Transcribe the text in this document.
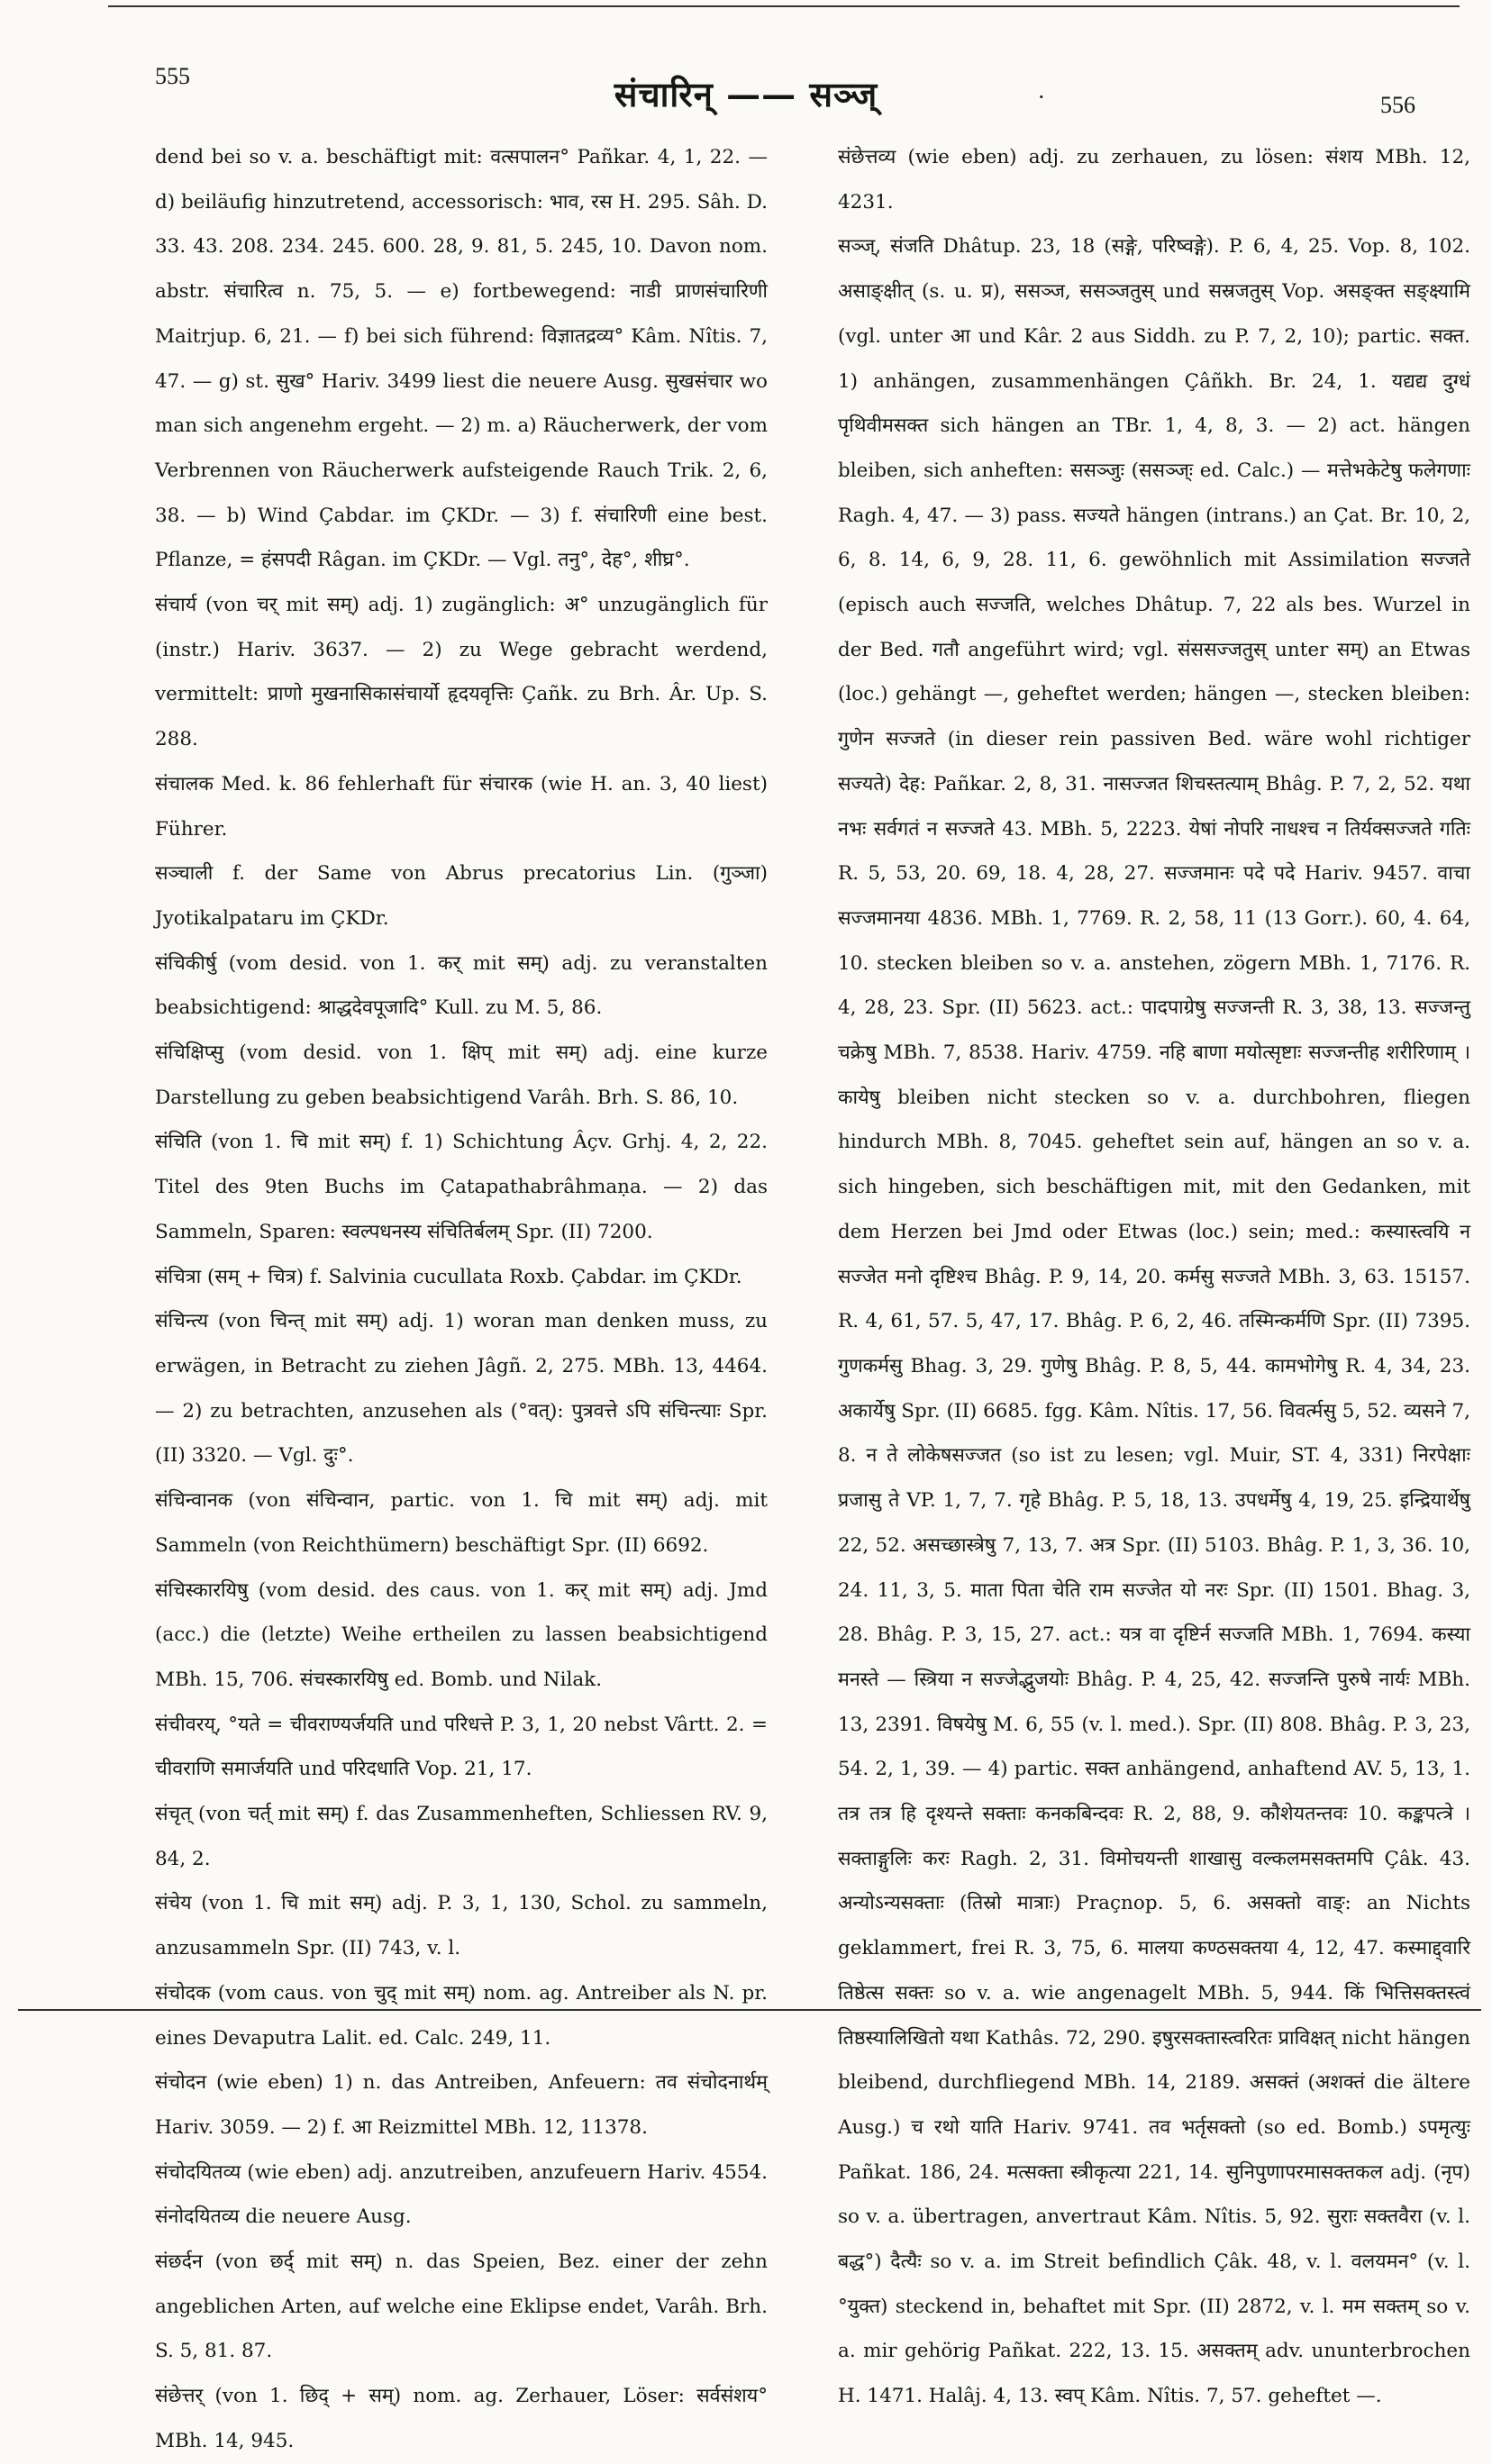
555	संचारिन् —— सञ्ज्	·	556

dend bei so v. a. beschäftigt mit: वत्सपालन° Pañkar. 4, 1, 22. — d) beiläufig hinzutretend, accessorisch: भाव, रस H. 295. Sâh. D. 33. 43. 208. 234. 245. 600. 28, 9. 81, 5. 245, 10. Davon nom. abstr. संचारित्व n. 75, 5. — e) fortbewegend: नाडी प्राणसंचारिणी Maitrjup. 6, 21. — f) bei sich führend: विज्ञातद्रव्य° Kâm. Nîtis. 7, 47. — g) st. सुख° Hariv. 3499 liest die neuere Ausg. सुखसंचार wo man sich angenehm ergeht. — 2) m. a) Räucherwerk, der vom Verbrennen von Räucherwerk aufsteigende Rauch Trik. 2, 6, 38. — b) Wind Çabdar. im ÇKDr. — 3) f. संचारिणी eine best. Pflanze, = हंसपदी Râgan. im ÇKDr. — Vgl. तनु°, देह°, शीघ्र°.

संचार्य (von चर् mit सम्) adj. 1) zugänglich: अ° unzugänglich für (instr.) Hariv. 3637. — 2) zu Wege gebracht werdend, vermittelt: प्राणो मुखनासिकासंचार्यो हृदयवृत्तिः Çañk. zu Brh. Âr. Up. S. 288.

संचालक Med. k. 86 fehlerhaft für संचारक (wie H. an. 3, 40 liest) Führer.

सञ्चाली f. der Same von Abrus precatorius Lin. (गुञ्जा) Jyotikalpataru im ÇKDr.

संचिकीर्षु (vom desid. von 1. कर् mit सम्) adj. zu veranstalten beabsichtigend: श्राद्धदेवपूजादि° Kull. zu M. 5, 86.

संचिक्षिप्सु (vom desid. von 1. क्षिप् mit सम्) adj. eine kurze Darstellung zu geben beabsichtigend Varâh. Brh. S. 86, 10.

संचिति (von 1. चि mit सम्) f. 1) Schichtung Âçv. Grhj. 4, 2, 22. Titel des 9ten Buchs im Çatapathabrâhmaṇa. — 2) das Sammeln, Sparen: स्वल्पधनस्य संचितिर्बलम् Spr. (II) 7200.

संचित्रा (सम् + चित्र) f. Salvinia cucullata Roxb. Çabdar. im ÇKDr.

संचिन्त्य (von चिन्त् mit सम्) adj. 1) woran man denken muss, zu erwägen, in Betracht zu ziehen Jâgñ. 2, 275. MBh. 13, 4464. — 2) zu betrachten, anzusehen als (°वत्): पुत्रवत्ते ऽपि संचिन्त्याः Spr. (II) 3320. — Vgl. दुः°.

संचिन्वानक (von संचिन्वान, partic. von 1. चि mit सम्) adj. mit Sammeln (von Reichthümern) beschäftigt Spr. (II) 6692.

संचिस्कारयिषु (vom desid. des caus. von 1. कर् mit सम्) adj. Jmd (acc.) die (letzte) Weihe ertheilen zu lassen beabsichtigend MBh. 15, 706. संचस्कारयिषु ed. Bomb. und Nilak.

संचीवरय्, °यते = चीवराण्यर्जयति und परिधत्ते P. 3, 1, 20 nebst Vârtt. 2. = चीवराणि समार्जयति und परिदधाति Vop. 21, 17.

संचृत् (von चर्त् mit सम्) f. das Zusammenheften, Schliessen RV. 9, 84, 2.

संचेय (von 1. चि mit सम्) adj. P. 3, 1, 130, Schol. zu sammeln, anzusammeln Spr. (II) 743, v. l.

संचोदक (vom caus. von चुद् mit सम्) nom. ag. Antreiber als N. pr. eines Devaputra Lalit. ed. Calc. 249, 11.

संचोदन (wie eben) 1) n. das Antreiben, Anfeuern: तव संचोदनार्थम् Hariv. 3059. — 2) f. आ Reizmittel MBh. 12, 11378.

संचोदयितव्य (wie eben) adj. anzutreiben, anzufeuern Hariv. 4554. संनोदयितव्य die neuere Ausg.

संछर्दन (von छर्द् mit सम्) n. das Speien, Bez. einer der zehn angeblichen Arten, auf welche eine Eklipse endet, Varâh. Brh. S. 5, 81. 87.

संछेत्तर् (von 1. छिद् + सम्) nom. ag. Zerhauer, Löser: सर्वसंशय° MBh. 14, 945.

संछेत्तव्य (wie eben) adj. zu zerhauen, zu lösen: संशय MBh. 12, 4231.

सञ्ज्, संजति Dhâtup. 23, 18 (सङ्गे, परिष्वङ्गे). P. 6, 4, 25. Vop. 8, 102. असाङ्क्षीत् (s. u. प्र), ससञ्ज, ससञ्जतुस् und सस्रजतुस् Vop. असङ्क्त सङ्क्ष्यामि (vgl. unter आ und Kâr. 2 aus Siddh. zu P. 7, 2, 10); partic. सक्त. 1) anhängen, zusammenhängen Çâñkh. Br. 24, 1. यद्यद्य दुग्धं पृथिवीमसक्त sich hängen an TBr. 1, 4, 8, 3. — 2) act. hängen bleiben, sich anheften: ससञ्जुः (ससञ्ज्ः ed. Calc.) — मत्तेभकेटेषु फलेगणाः Ragh. 4, 47. — 3) pass. सज्यते hängen (intrans.) an Çat. Br. 10, 2, 6, 8. 14, 6, 9, 28. 11, 6. gewöhnlich mit Assimilation सज्जते (episch auch सज्जति, welches Dhâtup. 7, 22 als bes. Wurzel in der Bed. गतौ angeführt wird; vgl. संससज्जतुस् unter सम्) an Etwas (loc.) gehängt —, geheftet werden; hängen —, stecken bleiben: गुणेन सज्जते (in dieser rein passiven Bed. wäre wohl richtiger सज्यते) देह: Pañkar. 2, 8, 31. नासज्जत शिचस्तत्याम् Bhâg. P. 7, 2, 52. यथा नभः सर्वगतं न सज्जते 43. MBh. 5, 2223. येषां नोपरि नाधश्च न तिर्यक्सज्जते गतिः R. 5, 53, 20. 69, 18. 4, 28, 27. सज्जमानः पदे पदे Hariv. 9457. वाचा सज्जमानया 4836. MBh. 1, 7769. R. 2, 58, 11 (13 Gorr.). 60, 4. 64, 10. stecken bleiben so v. a. anstehen, zögern MBh. 1, 7176. R. 4, 28, 23. Spr. (II) 5623. act.: पादपाग्रेषु सज्जन्ती R. 3, 38, 13. सज्जन्तु चक्रेषु MBh. 7, 8538. Hariv. 4759. नहि बाणा मयोत्सृष्टाः सज्जन्तीह शरीरिणाम् । कायेषु bleiben nicht stecken so v. a. durchbohren, fliegen hindurch MBh. 8, 7045. geheftet sein auf, hängen an so v. a. sich hingeben, sich beschäftigen mit, mit den Gedanken, mit dem Herzen bei Jmd oder Etwas (loc.) sein; med.: कस्यास्त्वयि न सज्जेत मनो दृष्टिश्च Bhâg. P. 9, 14, 20. कर्मसु सज्जते MBh. 3, 63. 15157. R. 4, 61, 57. 5, 47, 17. Bhâg. P. 6, 2, 46. तस्मिन्कर्मणि Spr. (II) 7395. गुणकर्मसु Bhag. 3, 29. गुणेषु Bhâg. P. 8, 5, 44. कामभोगेषु R. 4, 34, 23. अकार्येषु Spr. (II) 6685. fgg. Kâm. Nîtis. 17, 56. विवर्त्मसु 5, 52. व्यसने 7, 8. न ते लोकेषसज्जत (so ist zu lesen; vgl. Muir, ST. 4, 331) निरपेक्षाः प्रजासु ते VP. 1, 7, 7. गृहे Bhâg. P. 5, 18, 13. उपधर्मेषु 4, 19, 25. इन्द्रियार्थेषु 22, 52. असच्छास्त्रेषु 7, 13, 7. अत्र Spr. (II) 5103. Bhâg. P. 1, 3, 36. 10, 24. 11, 3, 5. माता पिता चेति राम सज्जेत यो नरः Spr. (II) 1501. Bhag. 3, 28. Bhâg. P. 3, 15, 27. act.: यत्र वा दृष्टिर्न सज्जति MBh. 1, 7694. कस्या मनस्ते — स्त्रिया न सज्जेद्भुजयोः Bhâg. P. 4, 25, 42. सज्जन्ति पुरुषे नार्यः MBh. 13, 2391. विषयेषु M. 6, 55 (v. l. med.). Spr. (II) 808. Bhâg. P. 3, 23, 54. 2, 1, 39. — 4) partic. सक्त anhängend, anhaftend AV. 5, 13, 1. तत्र तत्र हि दृश्यन्ते सक्ताः कनकबिन्दवः R. 2, 88, 9. कौशेयतन्तवः 10. कङ्कपत्त्रे । सक्ताङ्गुलिः करः Ragh. 2, 31. विमोचयन्ती शाखासु वल्कलमसक्तमपि Çâk. 43. अन्योऽन्यसक्ताः (तिस्रो मात्राः) Praçnop. 5, 6. असक्तो वाङ्: an Nichts geklammert, frei R. 3, 75, 6. मालया कण्ठसक्तया 4, 12, 47. कस्माद्द्वारि तिष्ठेत्स सक्तः so v. a. wie angenagelt MBh. 5, 944. किं भित्तिसक्तस्त्वं तिष्ठस्यालिखितो यथा Kathâs. 72, 290. इषुरसक्तास्त्वरितः प्राविक्षत् nicht hängen bleibend, durchfliegend MBh. 14, 2189. असक्तं (अशक्तं die ältere Ausg.) च रथो याति Hariv. 9741. तव भर्तृसक्तो (so ed. Bomb.) ऽपमृत्युः Pañkat. 186, 24. मत्सक्ता स्त्रीकृत्या 221, 14. सुनिपुणापरमासक्तकल adj. (नृप) so v. a. übertragen, anvertraut Kâm. Nîtis. 5, 92. सुराः सक्तवैरा (v. l. बद्ध°) दैत्यैः so v. a. im Streit befindlich Çâk. 48, v. l. वलयमन° (v. l. °युक्त) steckend in, behaftet mit Spr. (II) 2872, v. l. मम सक्तम् so v. a. mir gehörig Pañkat. 222, 13. 15. असक्तम् adv. ununterbrochen H. 1471. Halâj. 4, 13. स्वप् Kâm. Nîtis. 7, 57. geheftet —.
